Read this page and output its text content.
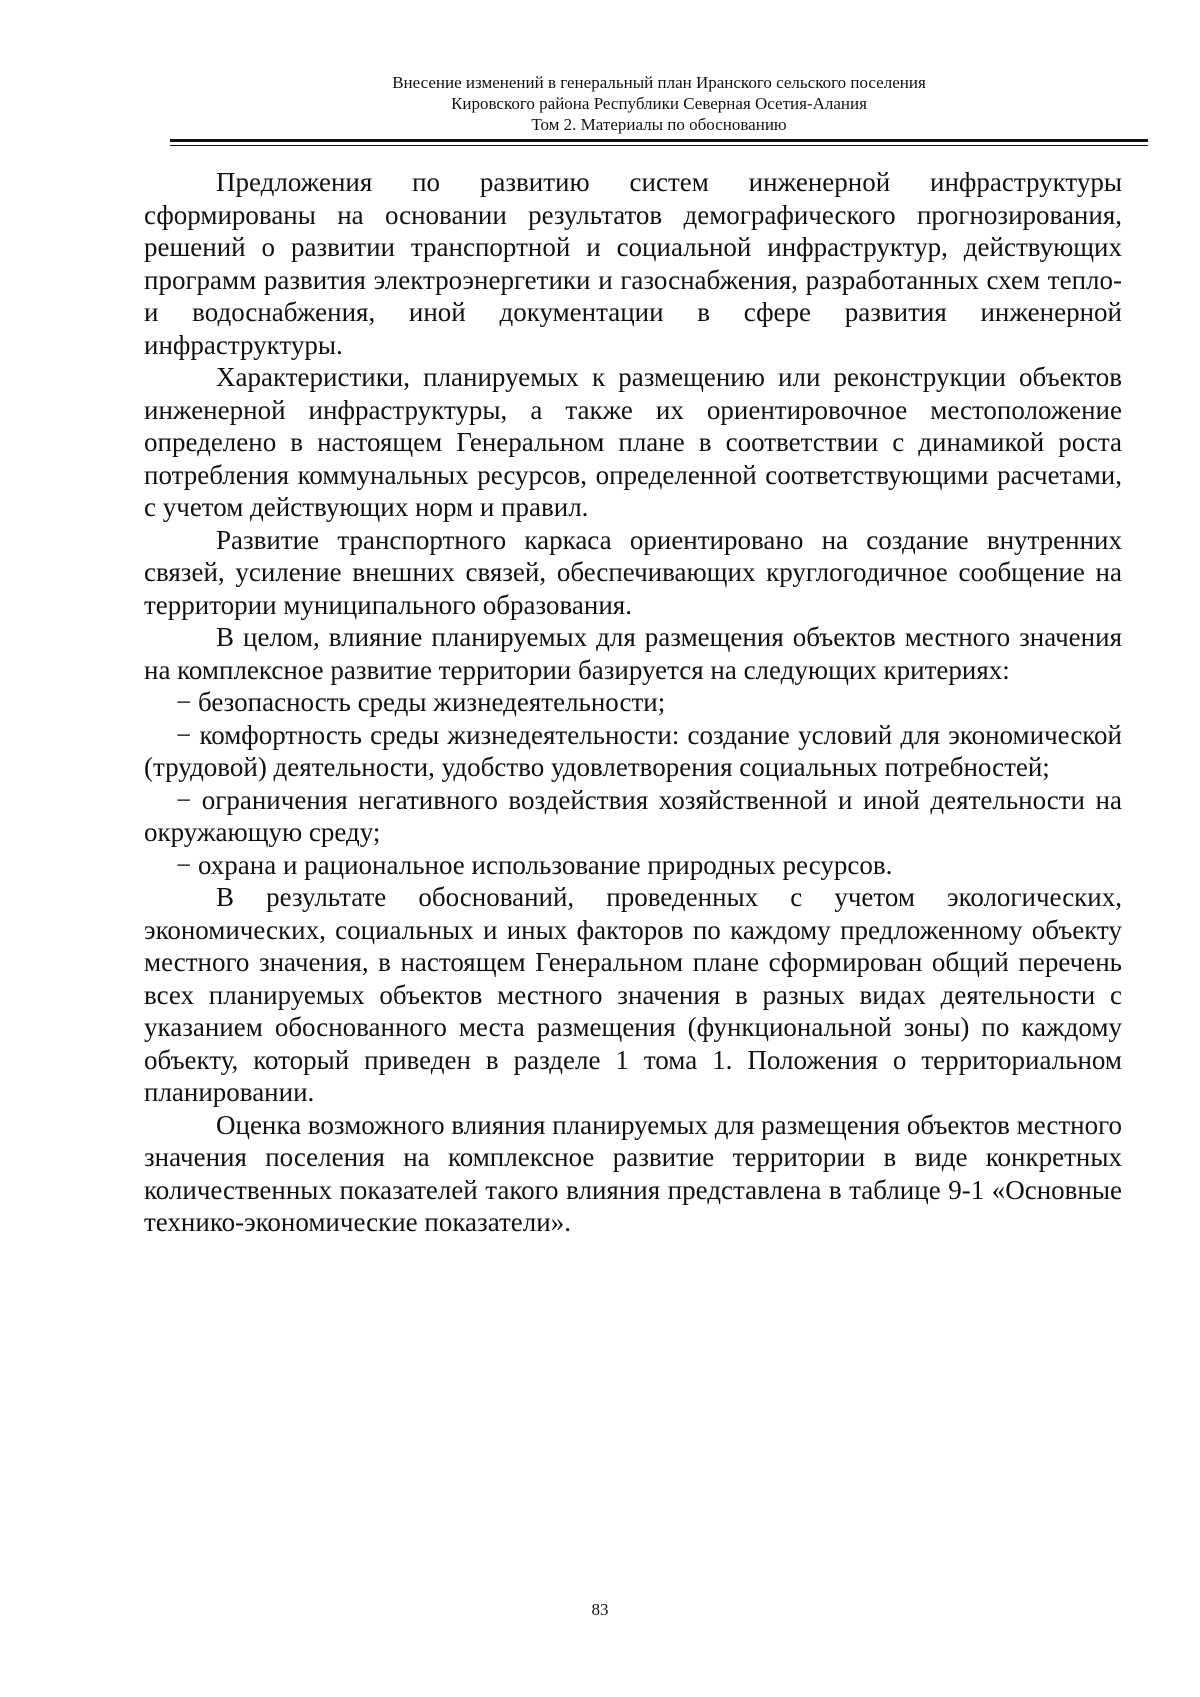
Внесение изменений в генеральный план Иранского сельского поселения
Кировского района Республики Северная Осетия-Алания
Том 2. Материалы по обоснованию

Предложения по развитию систем инженерной инфраструктуры сформированы на основании результатов демографического прогнозирования, решений о развитии транспортной и социальной инфраструктур, действующих программ развития электроэнергетики и газоснабжения, разработанных схем тепло- и водоснабжения, иной документации в сфере развития инженерной инфраструктуры.

Характеристики, планируемых к размещению или реконструкции объектов инженерной инфраструктуры, а также их ориентировочное местоположение определено в настоящем Генеральном плане в соответствии с динамикой роста потребления коммунальных ресурсов, определенной соответствующими расчетами, с учетом действующих норм и правил.

Развитие транспортного каркаса ориентировано на создание внутренних связей, усиление внешних связей, обеспечивающих круглогодичное сообщение на территории муниципального образования.

В целом, влияние планируемых для размещения объектов местного значения на комплексное развитие территории базируется на следующих критериях:

− безопасность среды жизнедеятельности;

− комфортность среды жизнедеятельности: создание условий для экономической (трудовой) деятельности, удобство удовлетворения социальных потребностей;

− ограничения негативного воздействия хозяйственной и иной деятельности на окружающую среду;

− охрана и рациональное использование природных ресурсов.

В результате обоснований, проведенных с учетом экологических, экономических, социальных и иных факторов по каждому предложенному объекту местного значения, в настоящем Генеральном плане сформирован общий перечень всех планируемых объектов местного значения в разных видах деятельности с указанием обоснованного места размещения (функциональной зоны) по каждому объекту, который приведен в разделе 1 тома 1. Положения о территориальном планировании.

Оценка возможного влияния планируемых для размещения объектов местного значения поселения на комплексное развитие территории в виде конкретных количественных показателей такого влияния представлена в таблице 9-1 «Основные технико-экономические показатели».

83
